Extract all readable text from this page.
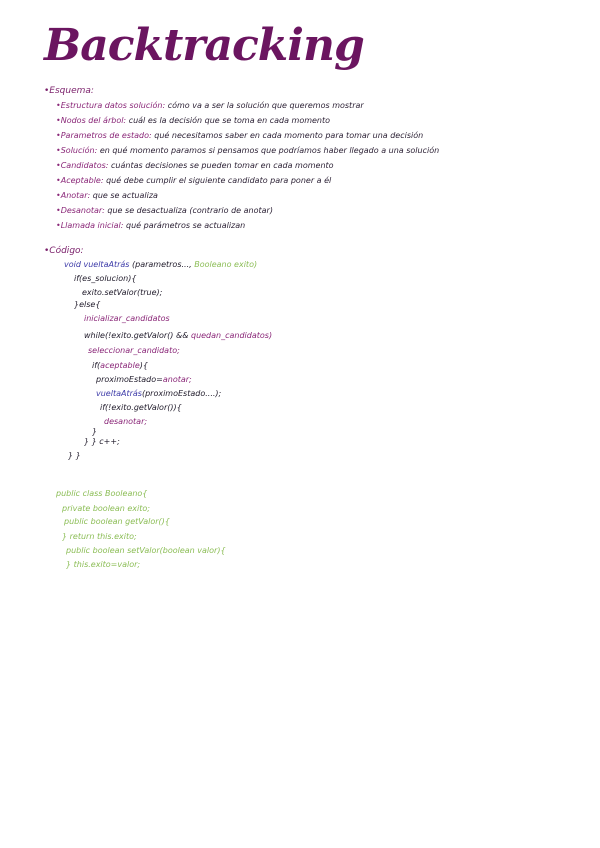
Backtracking
•Esquema:
•Estructura datos solución: cómo va a ser la solución que queremos mostrar
•Nodos del árbol: cuál es la decisión que se toma en cada momento
•Parametros de estado: qué necesitamos saber en cada momento para tomar una decisión
•Solución: en qué momento paramos si pensamos que podríamos haber llegado a una solución
•Candidatos: cuántas decisiones se pueden tomar en cada momento
•Aceptable: qué debe cumplir el siguiente candidato para poner a él
•Anotar: que se actualiza
•Desanotar: que se desactualiza (contrario de anotar)
•Llamada inicial: qué parámetros se actualizan
•Código:
void vueltaAtrás (parametros..., Booleano exito)
if(es_solucion){
exito.setValor(true);
}else{
inicializar_candidatos
while(!exito.getValor() && quedan_candidatos)
seleccionar_candidato;
if(aceptable){
proximoEstado=anotar;
vueltaAtrás(proximoEstado....);
if(!exito.getValor()){
desanotar;
}
} } c++;
} }
public class Booleano{
private boolean exito;
public boolean getValor(){
} return this.exito;
public boolean setValor(boolean valor){
} this.exito=valor;
